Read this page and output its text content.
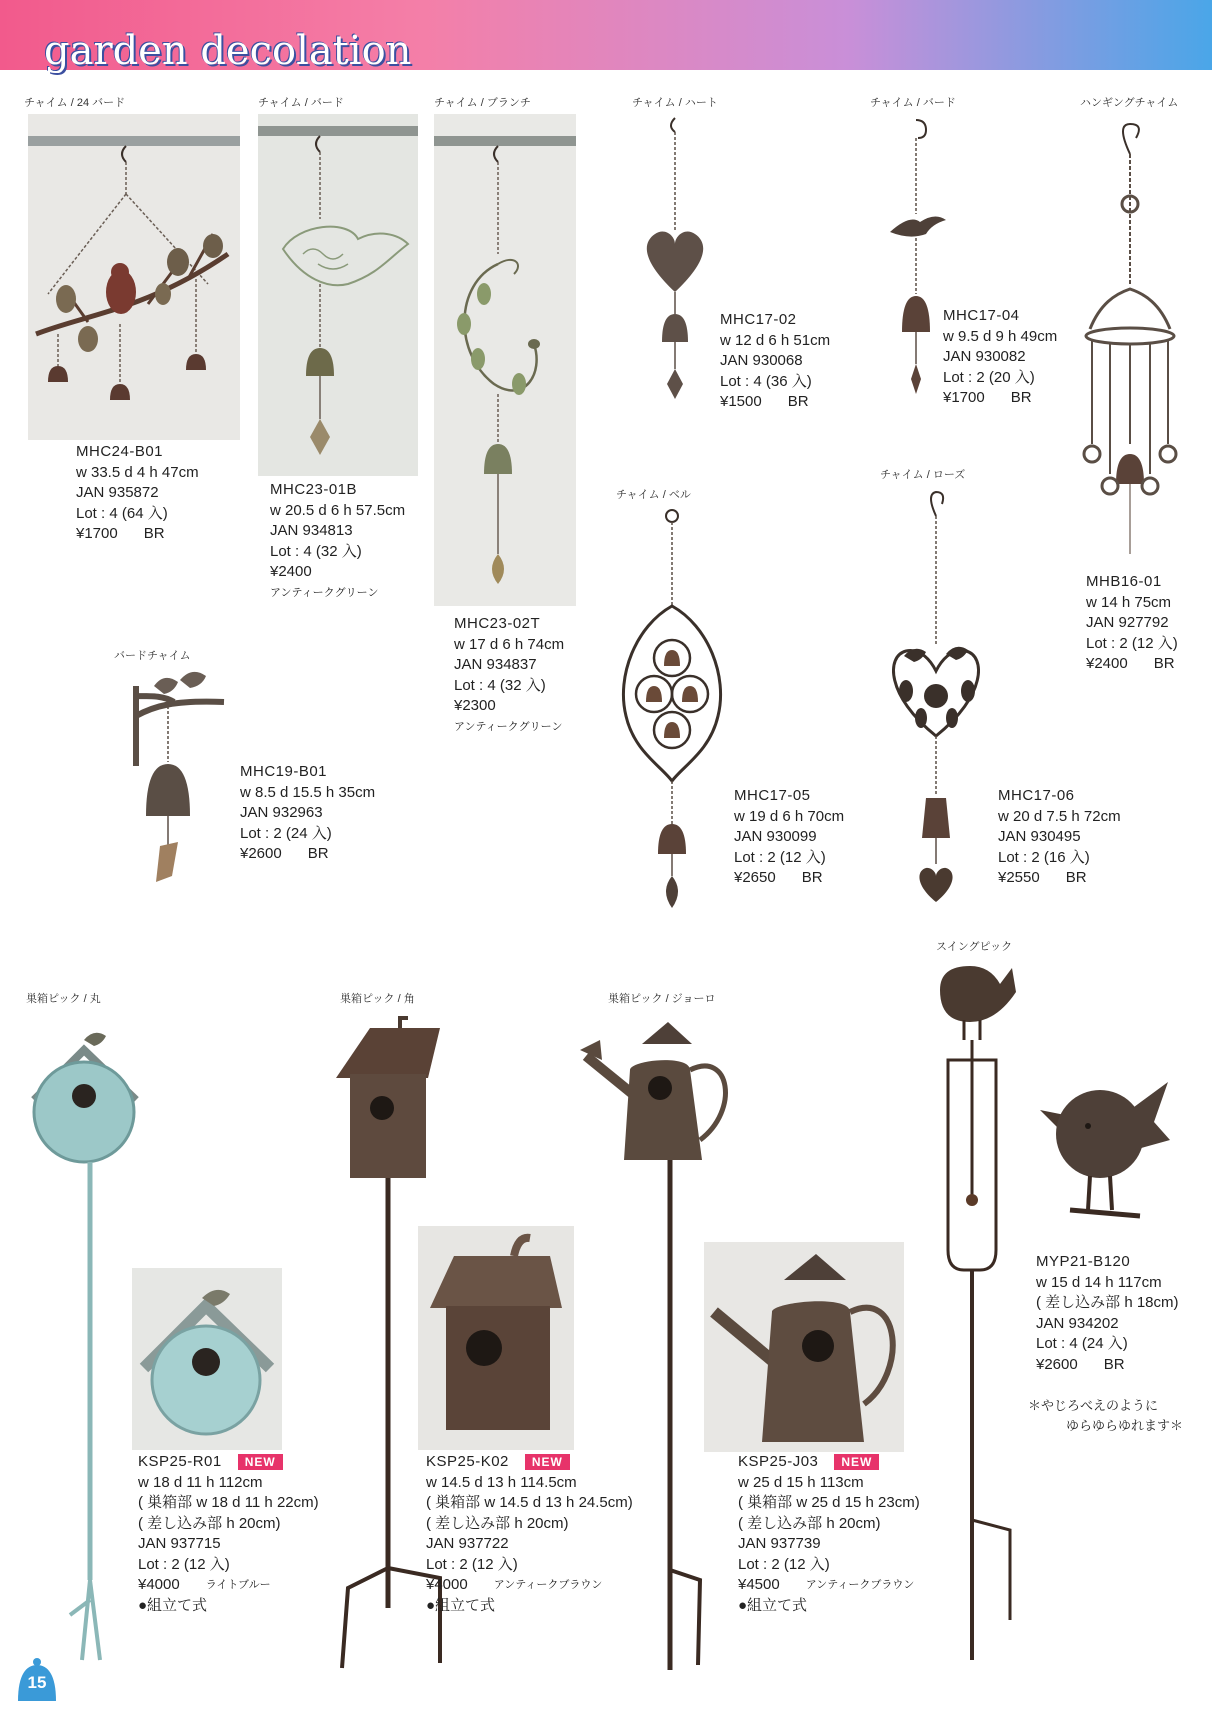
garden decolation
チャイム / 24 バード	チャイム / バード	チャイム / ブランチ	チャイム / ハート	チャイム / バード	ハンギングチャイム
チャイム / ベル
チャイム / ローズ
バードチャイム
スイングピック
巣箱ピック / 丸	巣箱ピック / 角	巣箱ピック / ジョーロ
MHC24-B01
w 33.5 d 4 h 47cm
JAN 935872
Lot : 4 (64 入)
¥1700 BR
MHC23-01B
w 20.5 d 6 h 57.5cm
JAN 934813
Lot : 4 (32 入)
¥2400
アンティークグリーン
MHC23-02T
w 17 d 6 h 74cm
JAN 934837
Lot : 4 (32 入)
¥2300
アンティークグリーン
MHC17-02
w 12 d 6 h 51cm
JAN 930068
Lot : 4 (36 入)
¥1500 BR
MHC17-04
w 9.5 d 9 h 49cm
JAN 930082
Lot : 2 (20 入)
¥1700 BR
MHB16-01
w 14 h 75cm
JAN 927792
Lot : 2 (12 入)
¥2400 BR
MHC19-B01
w 8.5 d 15.5 h 35cm
JAN 932963
Lot : 2 (24 入)
¥2600 BR
MHC17-05
w 19 d 6 h 70cm
JAN 930099
Lot : 2 (12 入)
¥2650 BR
MHC17-06
w 20 d 7.5 h 72cm
JAN 930495
Lot : 2 (16 入)
¥2550 BR
MYP21-B120
w 15 d 14 h 117cm
( 差し込み部 h 18cm)
JAN 934202
Lot : 4 (24 入)
¥2600 BR
＊やじろべえのように
ゆらゆらゆれます＊
KSP25-R01	NEW
w 18 d 11 h 112cm
( 巣箱部 w 18 d 11 h 22cm)
( 差し込み部 h 20cm)
JAN 937715
Lot : 2 (12 入)
¥4000 ライトブルー
●組立て式
KSP25-K02	NEW
w 14.5 d 13 h 114.5cm
( 巣箱部 w 14.5 d 13 h 24.5cm)
( 差し込み部 h 20cm)
JAN 937722
Lot : 2 (12 入)
¥4000 アンティークブラウン
●組立て式
KSP25-J03	NEW
w 25 d 15 h 113cm
( 巣箱部 w 25 d 15 h 23cm)
( 差し込み部 h 20cm)
JAN 937739
Lot : 2 (12 入)
¥4500 アンティークブラウン
●組立て式
15
